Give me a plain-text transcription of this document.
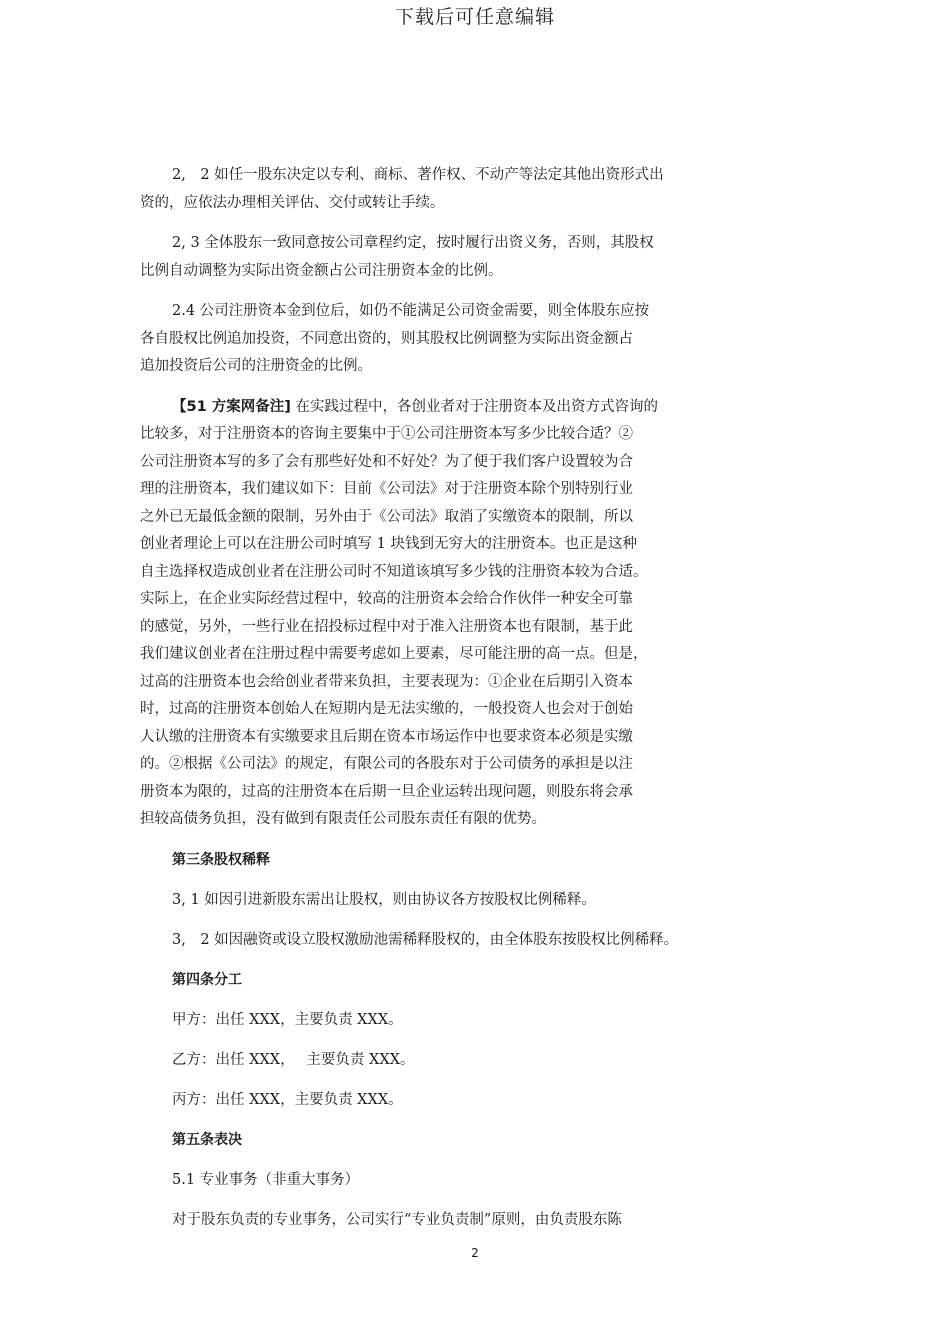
下载后可任意编辑
2,　2 如任一股东决定以专利、商标、著作权、不动产等法定其他出资形式出
资的，应依法办理相关评估、交付或转让手续。
2, 3 全体股东一致同意按公司章程约定，按时履行出资义务，否则，其股权
比例自动调整为实际出资金额占公司注册资本金的比例。
2.4 公司注册资本金到位后，如仍不能满足公司资金需要，则全体股东应按
各自股权比例追加投资，不同意出资的，则其股权比例调整为实际出资金额占
追加投资后公司的注册资金的比例。
【51 方案网备注] 在实践过程中，各创业者对于注册资本及出资方式咨询的
比较多，对于注册资本的咨询主要集中于①公司注册资本写多少比较合适？②
公司注册资本写的多了会有那些好处和不好处？为了便于我们客户设置较为合
理的注册资本，我们建议如下：目前《公司法》对于注册资本除个别特别行业
之外已无最低金额的限制，另外由于《公司法》取消了实缴资本的限制，所以
创业者理论上可以在注册公司时填写 1 块钱到无穷大的注册资本。也正是这种
自主选择权造成创业者在注册公司时不知道该填写多少钱的注册资本较为合适。
实际上，在企业实际经营过程中，较高的注册资本会给合作伙伴一种安全可靠
的感觉，另外，一些行业在招投标过程中对于准入注册资本也有限制，基于此
我们建议创业者在注册过程中需要考虑如上要素，尽可能注册的高一点。但是，
过高的注册资本也会给创业者带来负担，主要表现为：①企业在后期引入资本
时，过高的注册资本创始人在短期内是无法实缴的，一般投资人也会对于创始
人认缴的注册资本有实缴要求且后期在资本市场运作中也要求资本必须是实缴
的。②根据《公司法》的规定，有限公司的各股东对于公司债务的承担是以注
册资本为限的，过高的注册资本在后期一旦企业运转出现问题，则股东将会承
担较高债务负担，没有做到有限责任公司股东责任有限的优势。
第三条股权稀释
3, 1 如因引进新股东需出让股权，则由协议各方按股权比例稀释。
3,　2 如因融资或设立股权激励池需稀释股权的，由全体股东按股权比例稀释。
第四条分工
甲方：出任 XXX，主要负责 XXX。
乙方：出任 XXX，　 主要负责 XXX。
丙方：出任 XXX，主要负责 XXX。
第五条表决
5.1 专业事务（非重大事务）
对于股东负责的专业事务，公司实行“专业负责制”原则，由负责股东陈
2
